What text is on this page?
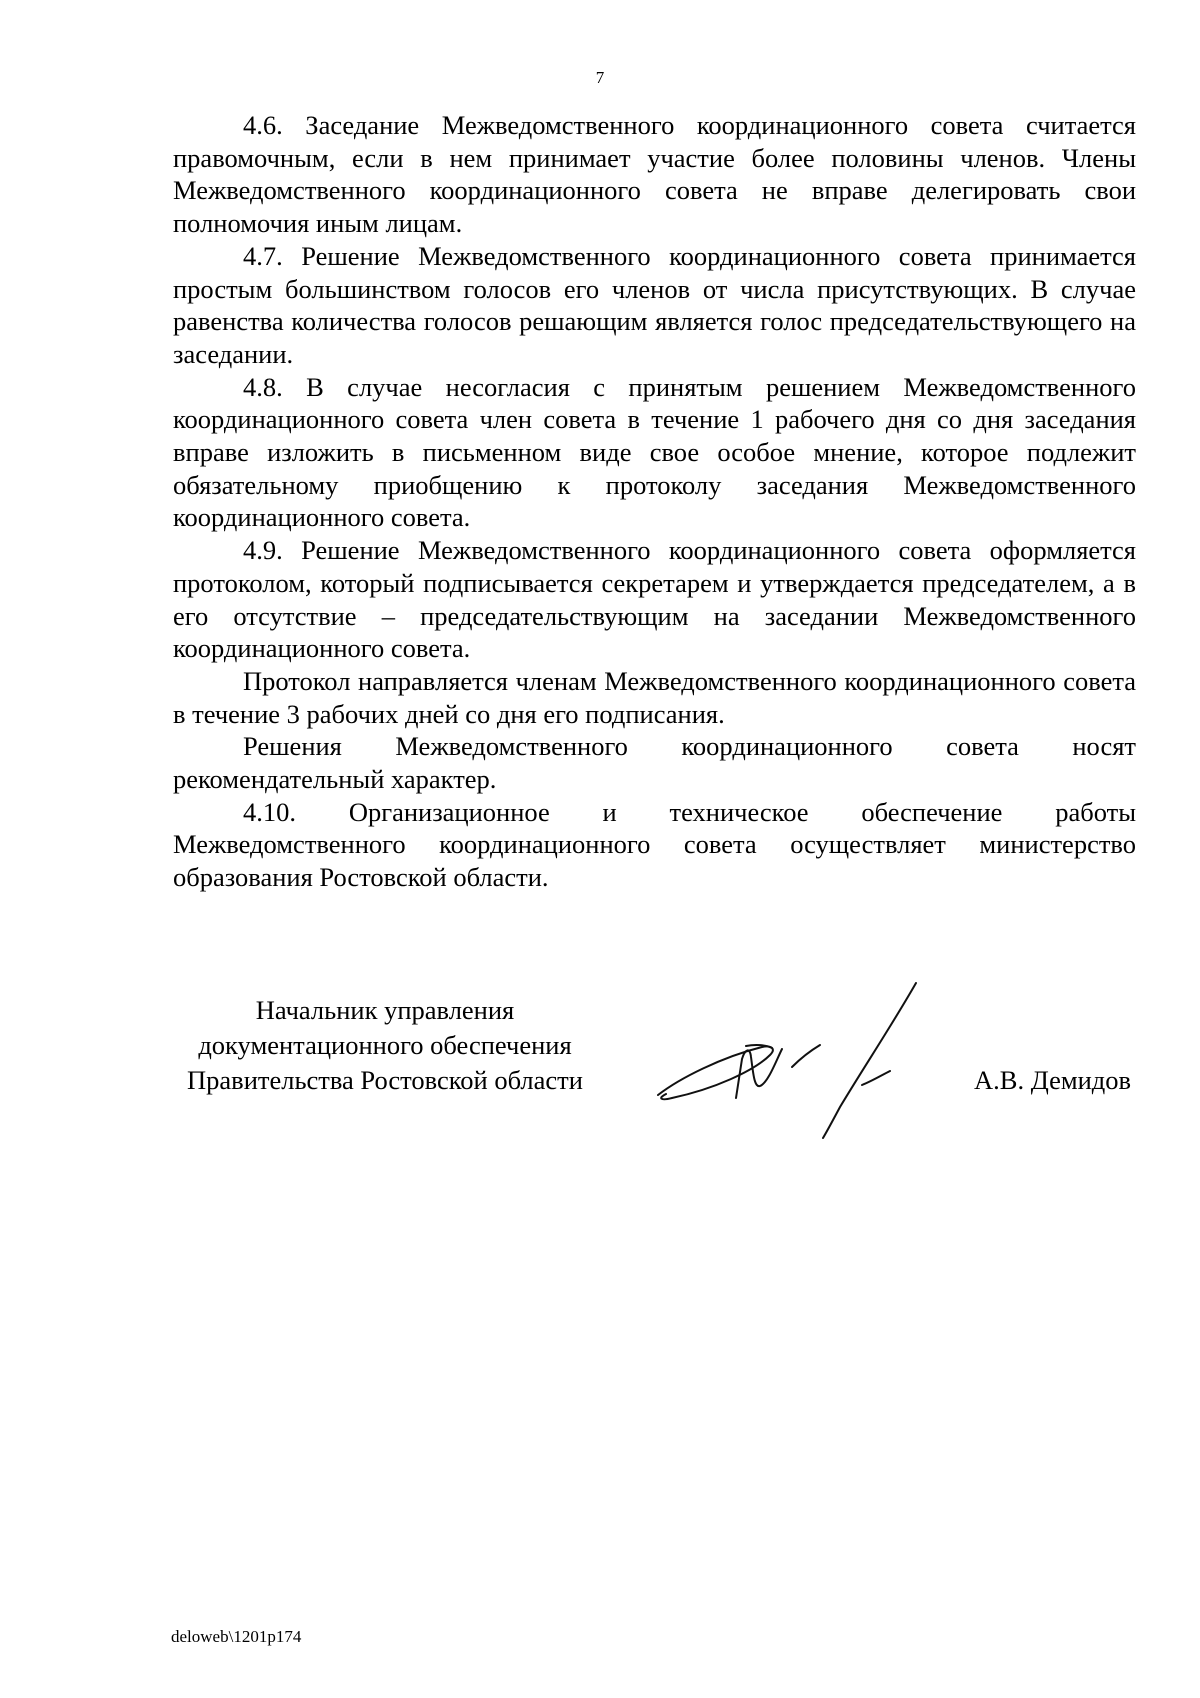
7

4.6. Заседание Межведомственного координационного совета считается правомочным, если в нем принимает участие более половины членов. Члены Межведомственного координационного совета не вправе делегировать свои полномочия иным лицам.

4.7. Решение Межведомственного координационного совета принимается простым большинством голосов его членов от числа присутствующих. В случае равенства количества голосов решающим является голос председательствующего на заседании.

4.8. В случае несогласия с принятым решением Межведомственного координационного совета член совета в течение 1 рабочего дня со дня заседания вправе изложить в письменном виде свое особое мнение, которое подлежит обязательному приобщению к протоколу заседания Межведомственного координационного совета.

4.9. Решение Межведомственного координационного совета оформляется протоколом, который подписывается секретарем и утверждается председателем, а в его отсутствие – председательствующим на заседании Межведомственного координационного совета.

Протокол направляется членам Межведомственного координационного совета в течение 3 рабочих дней со дня его подписания.

Решения Межведомственного координационного совета носят рекомендательный характер.

4.10. Организационное и техническое обеспечение работы Межведомственного координационного совета осуществляет министерство образования Ростовской области.

Начальник управления
документационного обеспечения
Правительства Ростовской области	А.В. Демидов
deloweb\1201p174
